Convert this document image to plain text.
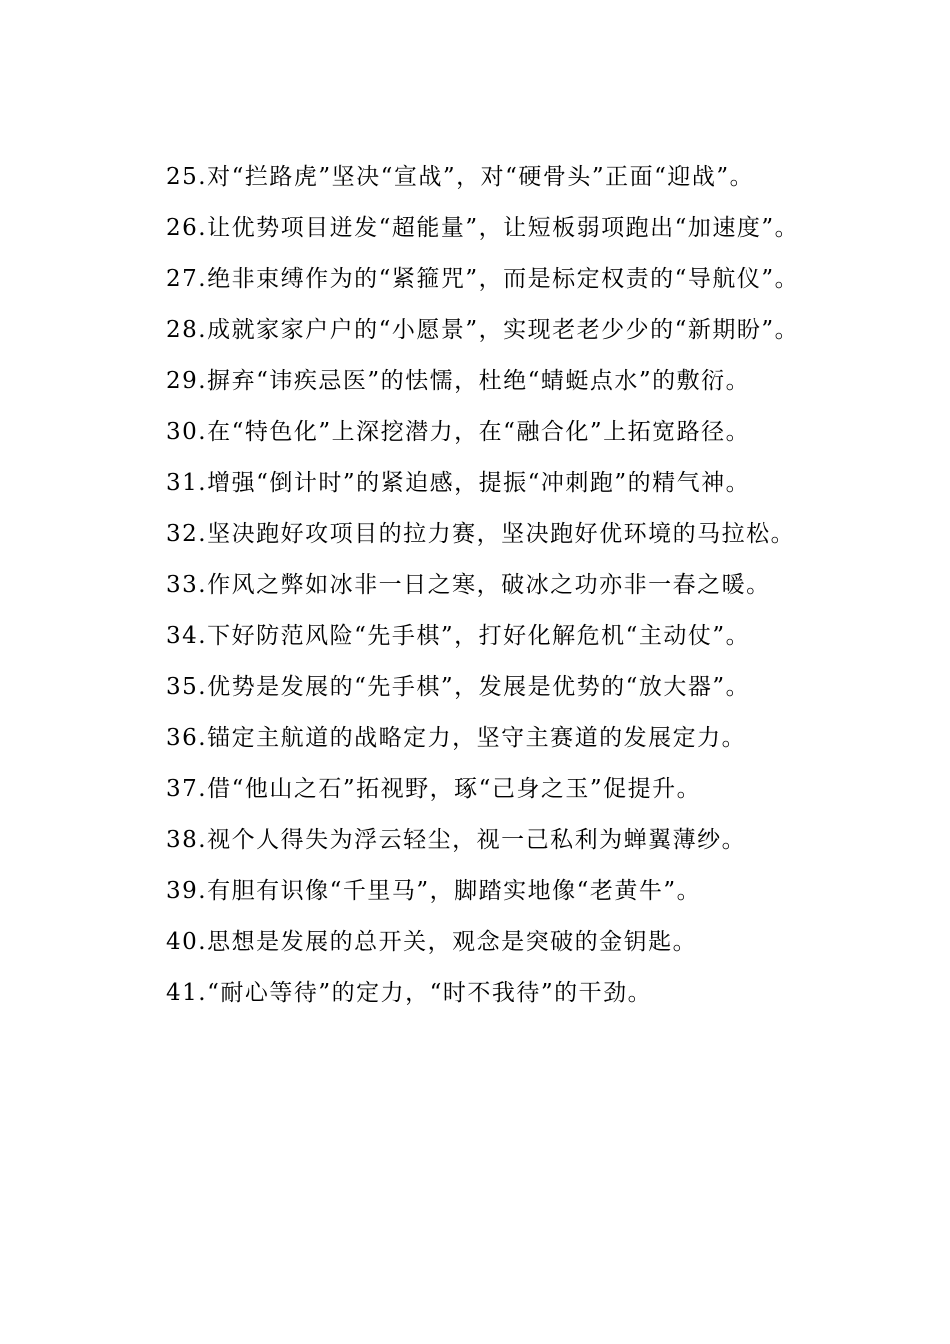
25.对“拦路虎”坚决“宣战”，对“硬骨头”正面“迎战”。

26.让优势项目迸发“超能量”，让短板弱项跑出“加速度”。

27.绝非束缚作为的“紧箍咒”，而是标定权责的“导航仪”。

28.成就家家户户的“小愿景”，实现老老少少的“新期盼”。

29.摒弃“讳疾忌医”的怯懦，杜绝“蜻蜓点水”的敷衍。

30.在“特色化”上深挖潜力，在“融合化”上拓宽路径。

31.增强“倒计时”的紧迫感，提振“冲刺跑”的精气神。

32.坚决跑好攻项目的拉力赛，坚决跑好优环境的马拉松。

33.作风之弊如冰非一日之寒，破冰之功亦非一春之暖。

34.下好防范风险“先手棋”，打好化解危机“主动仗”。

35.优势是发展的“先手棋”，发展是优势的“放大器”。

36.锚定主航道的战略定力，坚守主赛道的发展定力。

37.借“他山之石”拓视野，琢“己身之玉”促提升。

38.视个人得失为浮云轻尘，视一己私利为蝉翼薄纱。

39.有胆有识像“千里马”，脚踏实地像“老黄牛”。

40.思想是发展的总开关，观念是突破的金钥匙。

41.“耐心等待”的定力，“时不我待”的干劲。
